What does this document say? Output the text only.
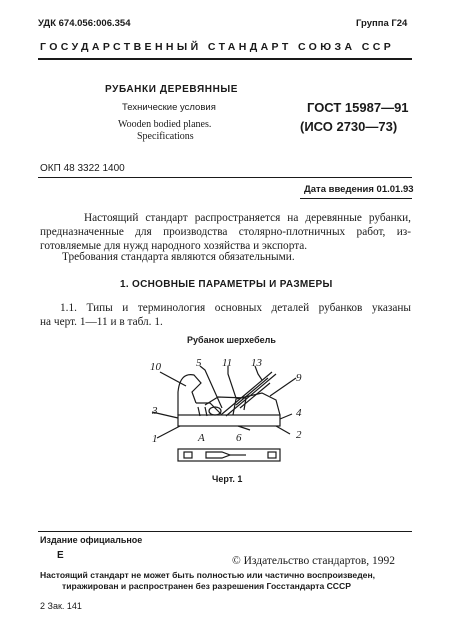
УДК 674.056:006.354	Группа Г24
ГОСУДАРСТВЕННЫЙ СТАНДАРТ СОЮЗА ССР
РУБАНКИ ДЕРЕВЯННЫЕ
Технические условия
Wooden bodied planes.
Specifications
ГОСТ 15987—91
(ИСО 2730—73)
ОКП 48 3322 1400
Дата введения 01.01.93
Настоящий стандарт распространяется на деревянные рубанки,
предназначенные для производства столярно-плотничных работ, из-
готовляемые для нужд народного хозяйства и экспорта.
Требования стандарта являются обязательными.
1. ОСНОВНЫЕ ПАРАМЕТРЫ И РАЗМЕРЫ
1.1. Типы и терминология основных деталей рубанков указаны
на черт. 1—11 и в табл. 1.
Рубанок шерхебель
10	5 11 13
9
3	4
1	A	6	2
Черт. 1
Издание официальное
Е	© Издательство стандартов, 1992
Настоящий стандарт не может быть полностью или частично воспроизведен,
тиражирован и распространен без разрешения Госстандарта СССР
2 Зак. 141
